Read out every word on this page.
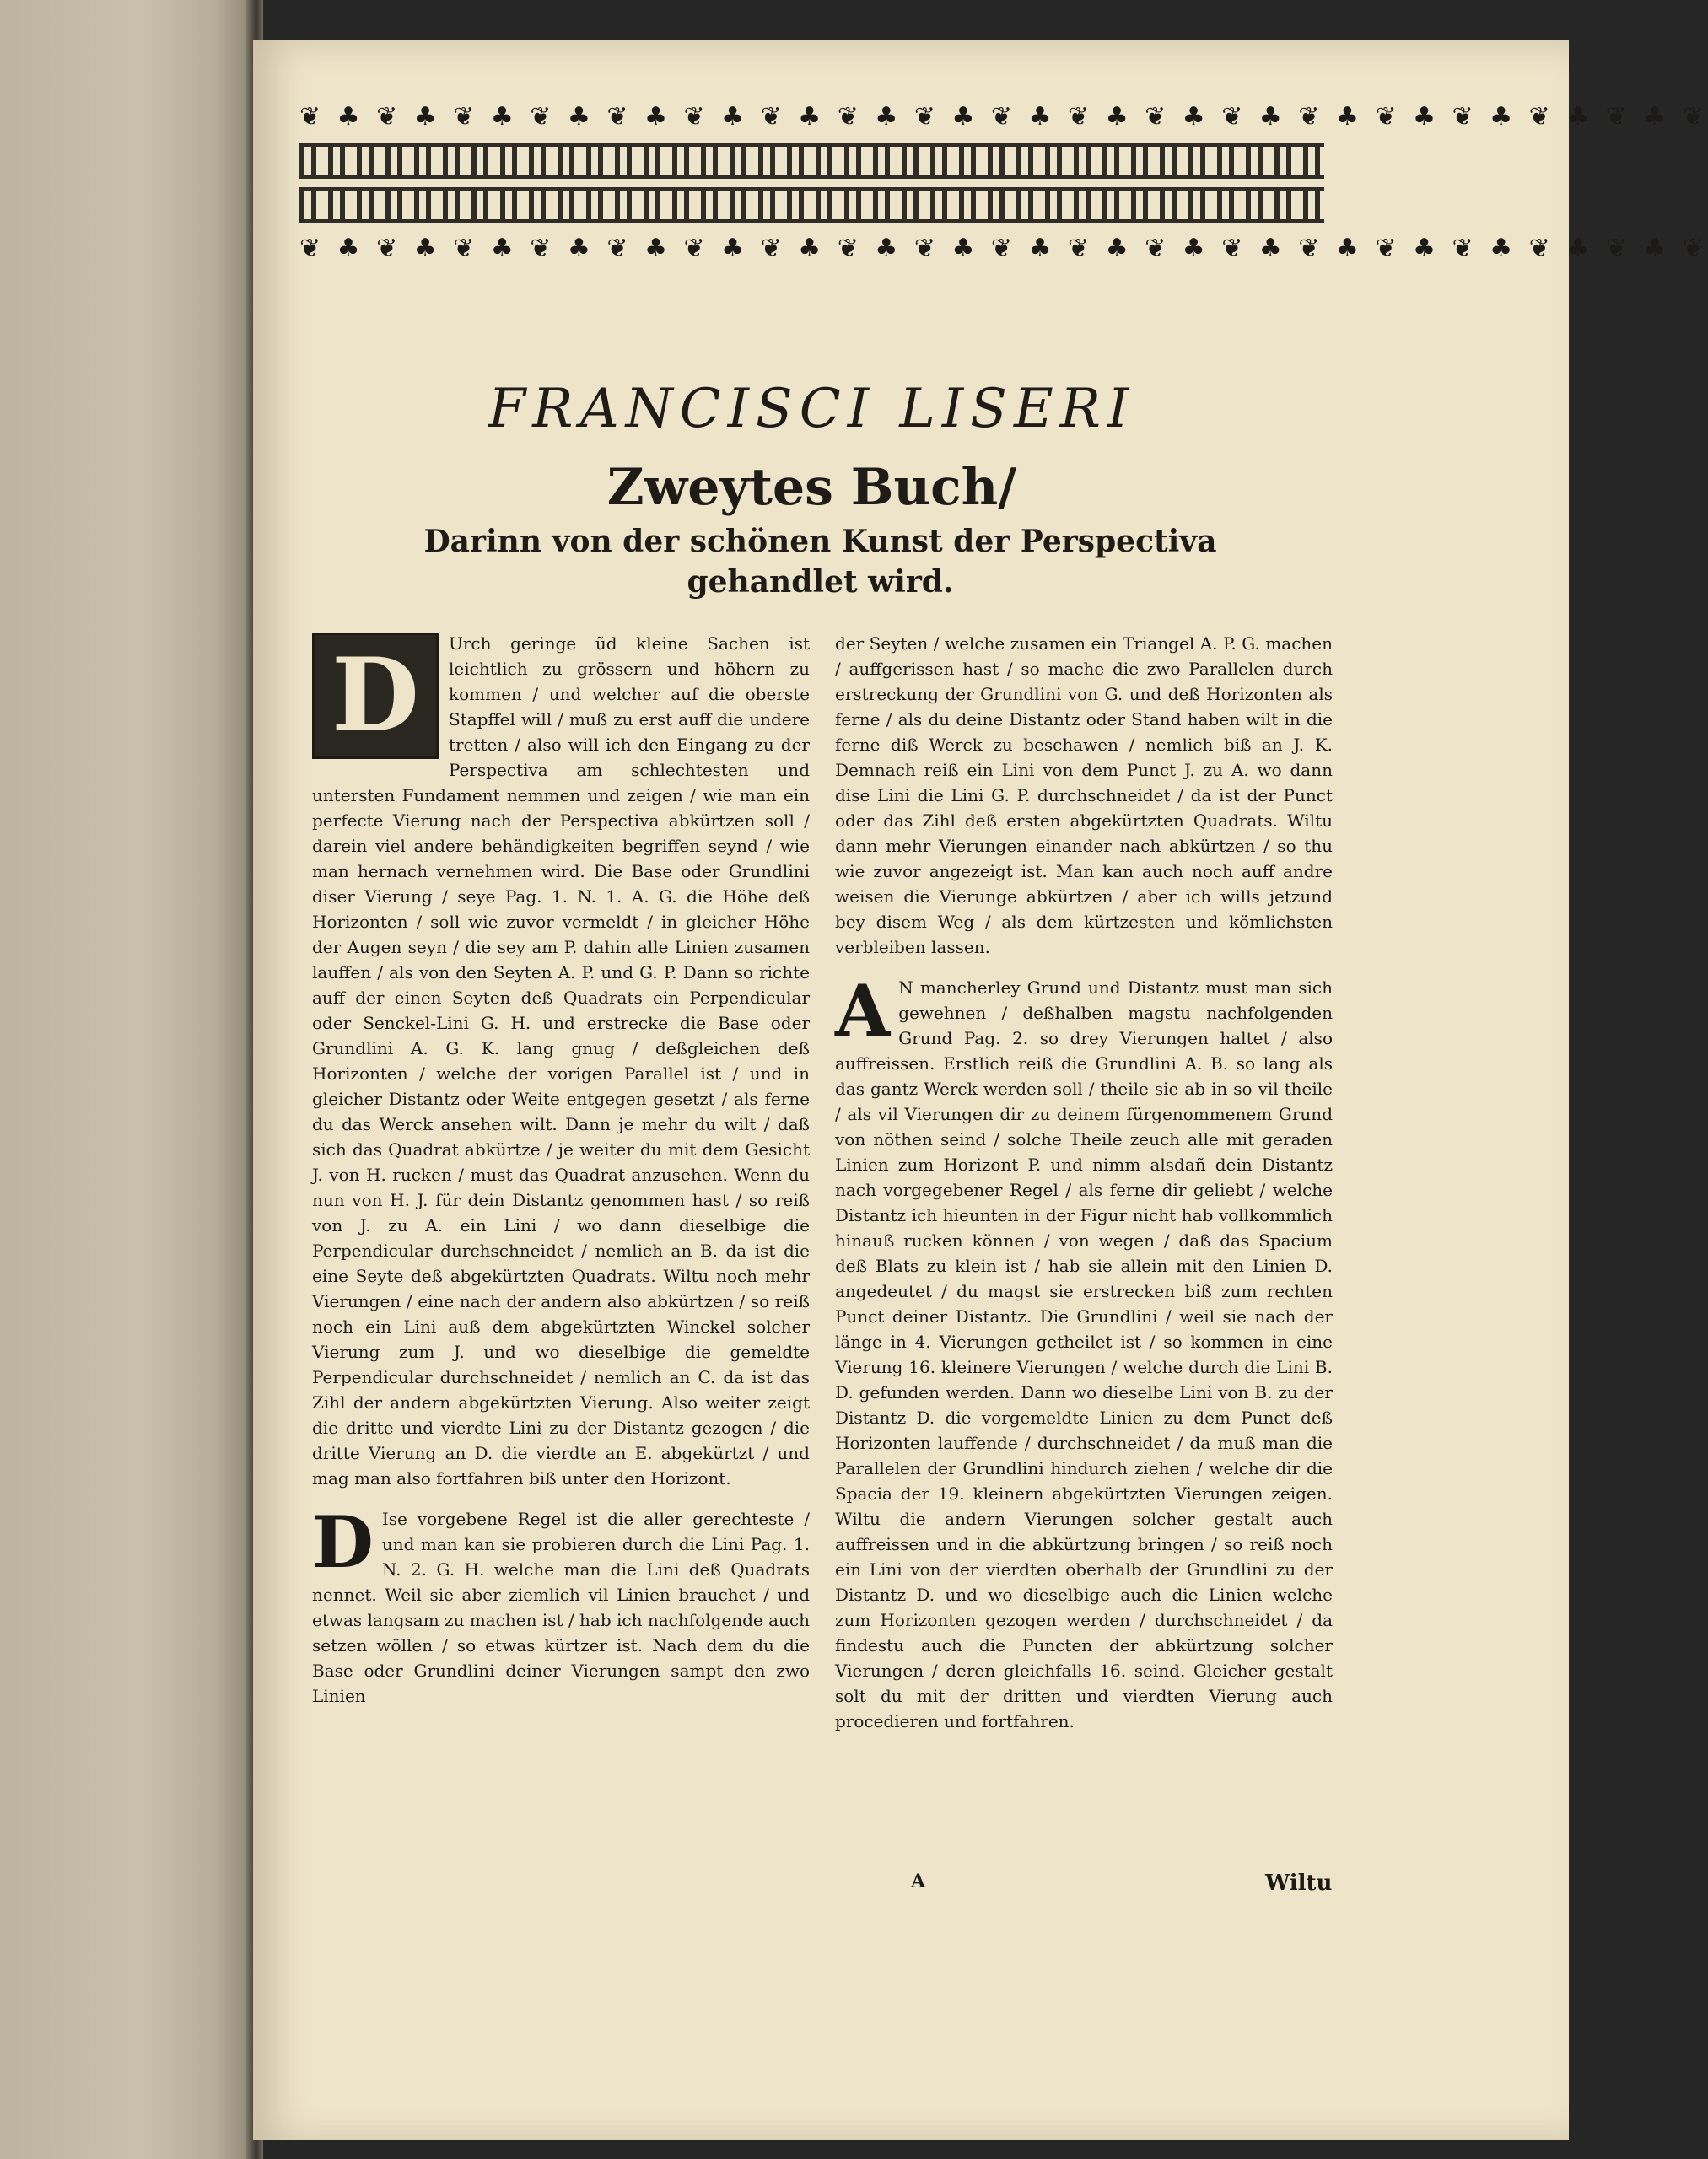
❦ ♣ ❦ ♣ ❦ ♣ ❦ ♣ ❦ ♣ ❦ ♣ ❦ ♣ ❦ ♣ ❦ ♣ ❦ ♣ ❦ ♣ ❦ ♣ ❦ ♣ ❦ ♣ ❦ ♣ ❦ ♣ ❦ ♣ ❦ ♣ ❦
❦ ♣ ❦ ♣ ❦ ♣ ❦ ♣ ❦ ♣ ❦ ♣ ❦ ♣ ❦ ♣ ❦ ♣ ❦ ♣ ❦ ♣ ❦ ♣ ❦ ♣ ❦ ♣ ❦ ♣ ❦ ♣ ❦ ♣ ❦ ♣ ❦
FRANCISCI LISERI
Zweytes Buch/
Darinn von der schönen Kunst der Perspectiva gehandlet wird.

D	Urch geringe ũd kleine Sachen ist leichtlich zu grössern und höhern zu kommen / und welcher auf die oberste Stapffel will / muß zu erst auff die undere tretten / also will ich den Eingang zu der Perspectiva am schlechtesten und untersten Fundament nemmen und zeigen / wie man ein perfecte Vierung nach der Perspectiva abkürtzen soll / darein viel andere behändigkeiten begriffen seynd / wie man hernach vernehmen wird. Die Base oder Grundlini diser Vierung / seye Pag. 1. N. 1. A. G. die Höhe deß Horizonten / soll wie zuvor vermeldt / in gleicher Höhe der Augen seyn / die sey am P. dahin alle Linien zusamen lauffen / als von den Seyten A. P. und G. P. Dann so richte auff der einen Seyten deß Quadrats ein Perpendicular oder Senckel-Lini G. H. und erstrecke die Base oder Grundlini A. G. K. lang gnug / deßgleichen deß Horizonten / welche der vorigen Parallel ist / und in gleicher Distantz oder Weite entgegen gesetzt / als ferne du das Werck ansehen wilt. Dann je mehr du wilt / daß sich das Quadrat abkürtze / je weiter du mit dem Gesicht J. von H. rucken / must das Quadrat anzusehen. Wenn du nun von H. J. für dein Distantz genommen hast / so reiß von J. zu A. ein Lini / wo dann dieselbige die Perpendicular durchschneidet / nemlich an B. da ist die eine Seyte deß abgekürtzten Quadrats. Wiltu noch mehr Vierungen / eine nach der andern also abkürtzen / so reiß noch ein Lini auß dem abgekürtzten Winckel solcher Vierung zum J. und wo dieselbige die gemeldte Perpendicular durchschneidet / nemlich an C. da ist das Zihl der andern abgekürtzten Vierung. Also weiter zeigt die dritte und vierdte Lini zu der Distantz gezogen / die dritte Vierung an D. die vierdte an E. abgekürtzt / und mag man also fortfahren biß unter den Horizont.

D Ise vorgebene Regel ist die aller gerechteste / und man kan sie probieren durch die Lini Pag. 1. N. 2. G. H. welche man die Lini deß Quadrats nennet. Weil sie aber ziemlich vil Linien brauchet / und etwas langsam zu machen ist / hab ich nachfolgende auch setzen wöllen / so etwas kürtzer ist. Nach dem du die Base oder Grundlini deiner Vierungen sampt den zwo Linien

der Seyten / welche zusamen ein Triangel A. P. G. machen / auffgerissen hast / so mache die zwo Parallelen durch erstreckung der Grundlini von G. und deß Horizonten als ferne / als du deine Distantz oder Stand haben wilt in die ferne diß Werck zu beschawen / nemlich biß an J. K. Demnach reiß ein Lini von dem Punct J. zu A. wo dann dise Lini die Lini G. P. durchschneidet / da ist der Punct oder das Zihl deß ersten abgekürtzten Quadrats. Wiltu dann mehr Vierungen einander nach abkürtzen / so thu wie zuvor angezeigt ist. Man kan auch noch auff andre weisen die Vierunge abkürtzen / aber ich wills jetzund bey disem Weg / als dem kürtzesten und kömlichsten verbleiben lassen.

A N mancherley Grund und Distantz must man sich gewehnen / deßhalben magstu nachfolgenden Grund Pag. 2. so drey Vierungen haltet / also auffreissen. Erstlich reiß die Grundlini A. B. so lang als das gantz Werck werden soll / theile sie ab in so vil theile / als vil Vierungen dir zu deinem fürgenommenem Grund von nöthen seind / solche Theile zeuch alle mit geraden Linien zum Horizont P. und nimm alsdañ dein Distantz nach vorgegebener Regel / als ferne dir geliebt / welche Distantz ich hieunten in der Figur nicht hab vollkommlich hinauß rucken können / von wegen / daß das Spacium deß Blats zu klein ist / hab sie allein mit den Linien D. angedeutet / du magst sie erstrecken biß zum rechten Punct deiner Distantz. Die Grundlini / weil sie nach der länge in 4. Vierungen getheilet ist / so kommen in eine Vierung 16. kleinere Vierungen / welche durch die Lini B. D. gefunden werden. Dann wo dieselbe Lini von B. zu der Distantz D. die vorgemeldte Linien zu dem Punct deß Horizonten lauffende / durchschneidet / da muß man die Parallelen der Grundlini hindurch ziehen / welche dir die Spacia der 19. kleinern abgekürtzten Vierungen zeigen. Wiltu die andern Vierungen solcher gestalt auch auffreissen und in die abkürtzung bringen / so reiß noch ein Lini von der vierdten oberhalb der Grundlini zu der Distantz D. und wo dieselbige auch die Linien welche zum Horizonten gezogen werden / durchschneidet / da findestu auch die Puncten der abkürtzung solcher Vierungen / deren gleichfalls 16. seind. Gleicher gestalt solt du mit der dritten und vierdten Vierung auch procedieren und fortfahren.

A	Wiltu
